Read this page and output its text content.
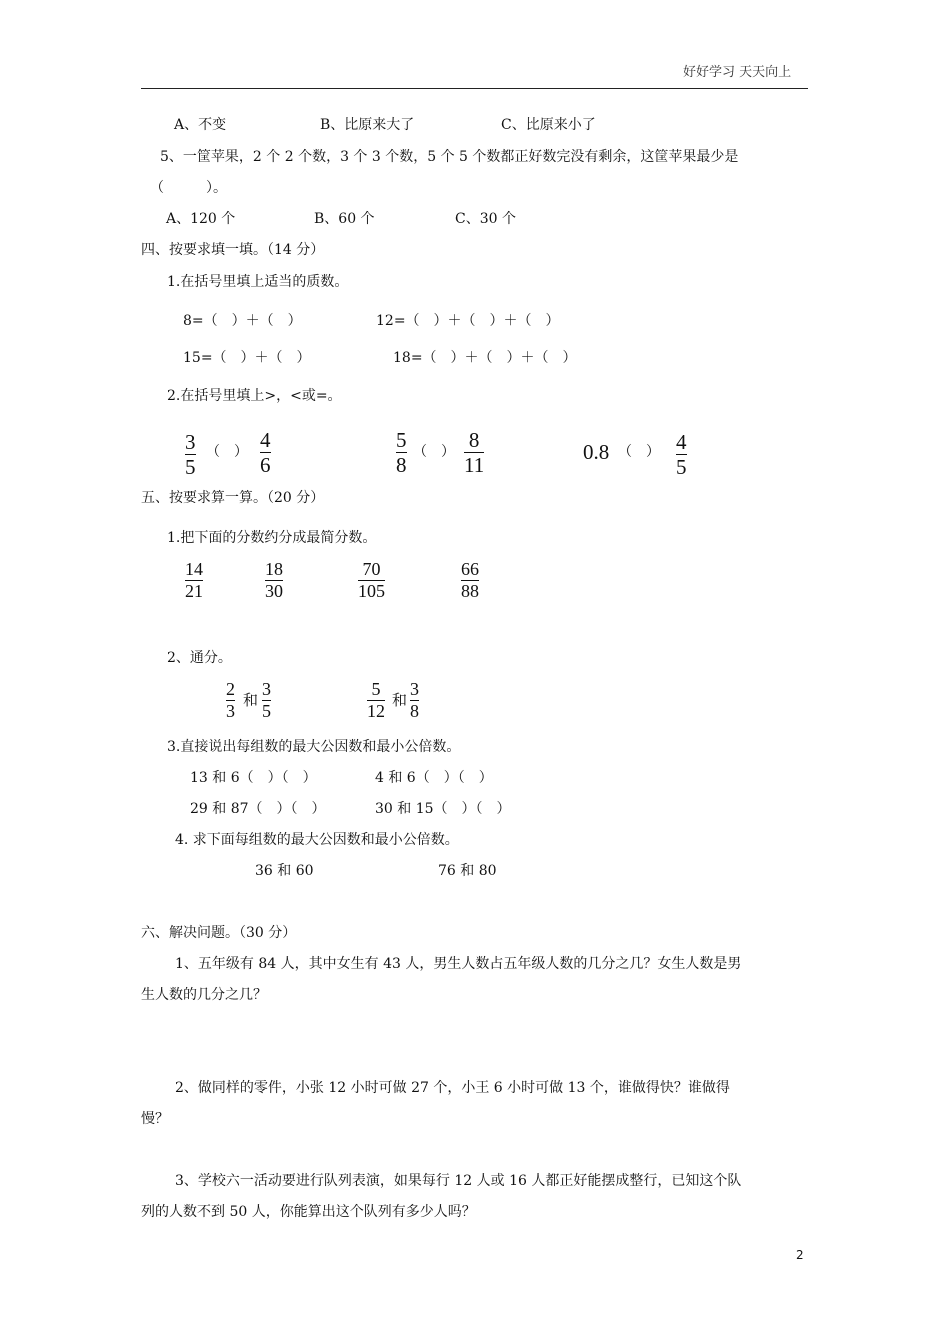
好好学习 天天向上
A、不变	B、比原来大了	C、比原来小了
5、一筐苹果，2 个 2 个数，3 个 3 个数，5 个 5 个数都正好数完没有剩余，这筐苹果最少是
（　　　）。
A、120 个	B、60 个	C、30 个
四、按要求填一填。（14 分）
1.在括号里填上适当的质数。
8=（　）＋（　）	12=（　）＋（　）＋（　）
15=（　）＋（　）	18=（　）＋（　）＋（　）
2.在括号里填上>，<或=。
3
5
（　） 4
6
5
8
（　） 8
11
0.8 （　） 4
5
五、按要求算一算。（20 分）
1.把下面的分数约分成最简分数。
14
21
18
30
70
105
66
88
2、通分。
2
3
和
3
5
5
12
和
3
8
3.直接说出每组数的最大公因数和最小公倍数。
13 和 6（　）（　）	4 和 6（　）（　）
29 和 87（　）（　）	30 和 15（　）（　）
4. 求下面每组数的最大公因数和最小公倍数。
36 和 60	76 和 80
六、解决问题。（30 分）
1、五年级有 84 人，其中女生有 43 人，男生人数占五年级人数的几分之几？女生人数是男
生人数的几分之几？
2、做同样的零件，小张 12 小时可做 27 个，小王 6 小时可做 13 个，谁做得快？谁做得
慢？
3、学校六一活动要进行队列表演，如果每行 12 人或 16 人都正好能摆成整行，已知这个队
列的人数不到 50 人，你能算出这个队列有多少人吗？
2
